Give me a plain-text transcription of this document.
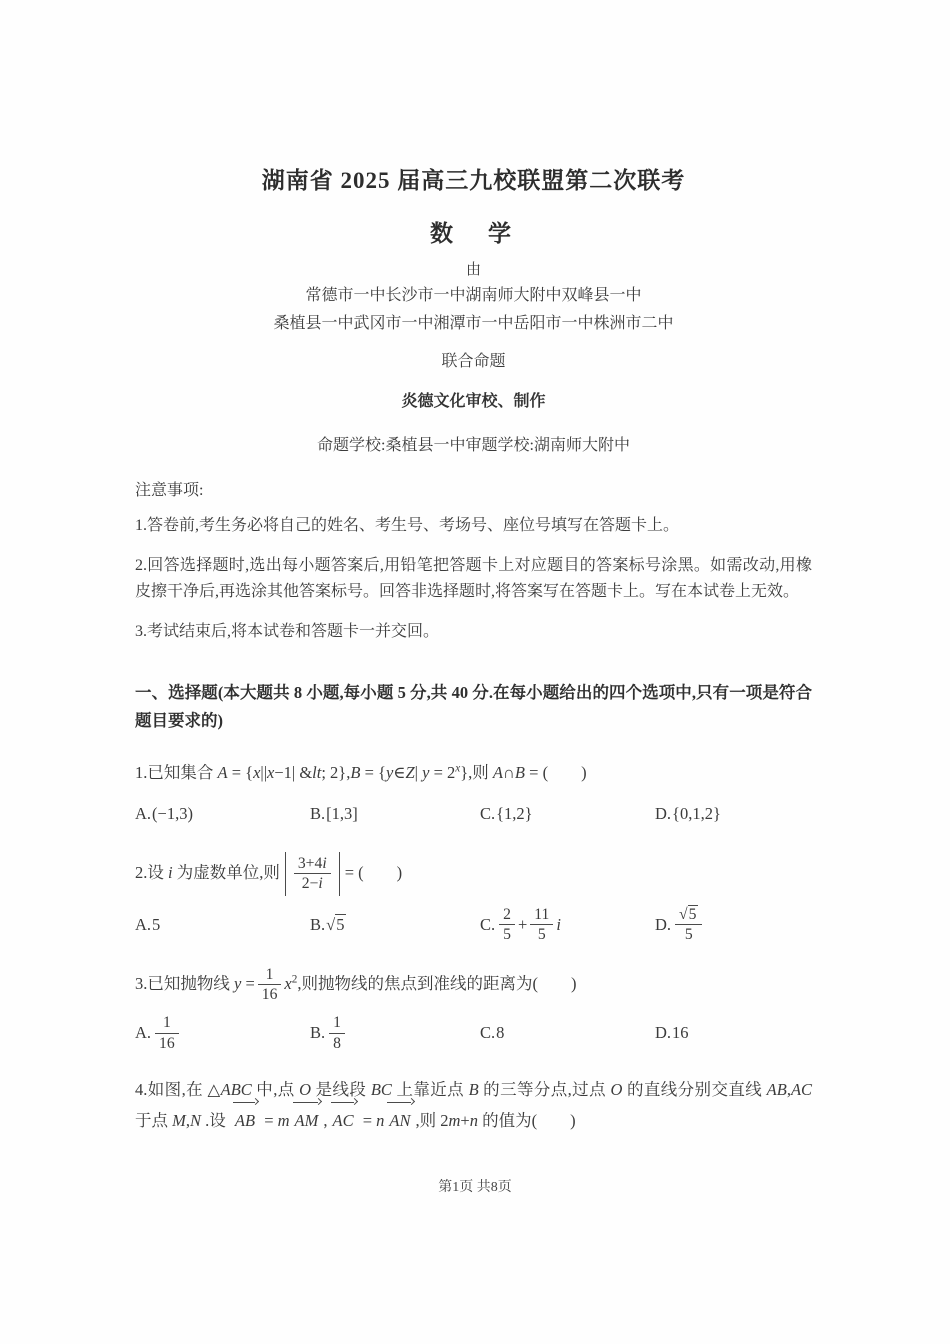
湖南省 2025 届高三九校联盟第二次联考
数　学
由
常德市一中长沙市一中湖南师大附中双峰县一中
桑植县一中武冈市一中湘潭市一中岳阳市一中株洲市二中
联合命题
炎德文化审校、制作
命题学校:桑植县一中审题学校:湖南师大附中
注意事项:

1.答卷前,考生务必将自己的姓名、考生号、考场号、座位号填写在答题卡上。

2.回答选择题时,选出每小题答案后,用铅笔把答题卡上对应题目的答案标号涂黑。如需改动,用橡皮擦干净后,再选涂其他答案标号。回答非选择题时,将答案写在答题卡上。写在本试卷上无效。

3.考试结束后,将本试卷和答题卡一并交回。

一、选择题(本大题共 8 小题,每小题 5 分,共 40 分.在每小题给出的四个选项中,只有一项是符合题目要求的)
1.已知集合 A = {x||x−1| &lt; 2},B = {y∈Z| $y = 2^x$},则 A∩B = (　　)
A. (−1,3)	B. [1,3]	C. {1,2}	D. {0,1,2}
2.设 i 为虚数单位,则 $\frac{3+4i}{2-i}$ = (　　)
A. 5	B. √5	C. $\frac{2}{5} + \frac{11}{5}$ i	D. $\frac{√5}{5}$
3.已知抛物线 $y = \frac{1}{16} x^2$,则抛物线的焦点到准线的距离为(　　)
A. $\frac{1}{16}$	B. $\frac{1}{8}$	C. 8	D. 16
4.如图,在 △ABC 中,点 O 是线段 BC 上靠近点 B 的三等分点,过点 O 的直线分别交直线 AB,AC 于点 M,N .设 AB = m AM , AC = n AN ,则 2m+n 的值为(　　)
第1页 共8页
